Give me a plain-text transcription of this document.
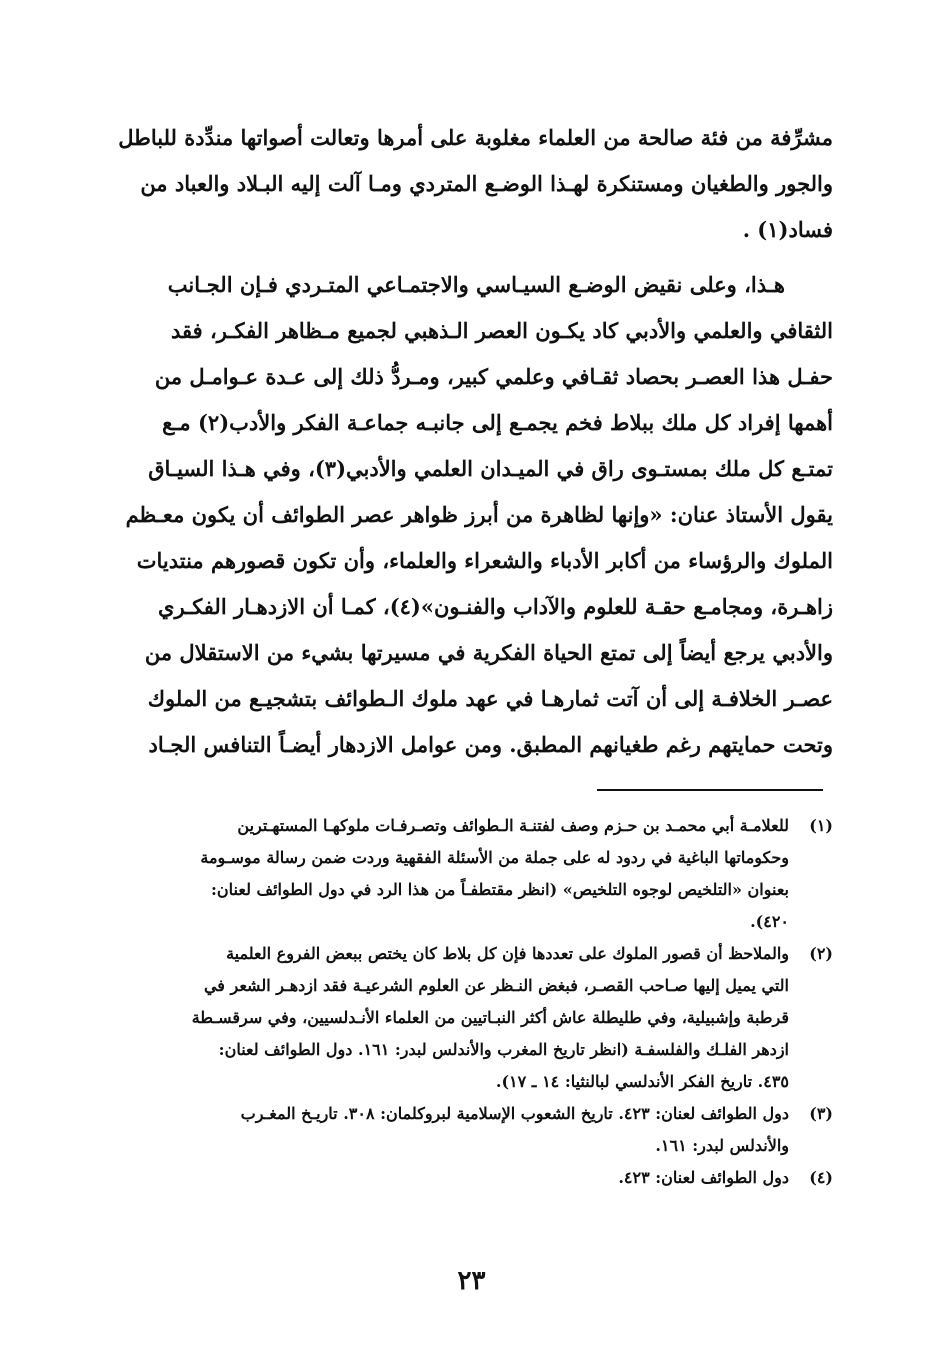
مشرِّفة من فئة صالحة من العلماء مغلوبة على أمرها وتعالت أصواتها مندِّدة للباطل
والجور والطغيان ومستنكرة لهـذا الوضـع المتردي ومـا آلت إليه البـلاد والعباد من
فساد(١) .
هـذا، وعلى نقيض الوضـع السيـاسي والاجتمـاعي المتـردي فـإن الجـانب
الثقافي والعلمي والأدبي كاد يكـون العصر الـذهبي لجميع مـظاهر الفكـر، فقد
حفـل هذا العصـر بحصاد ثقـافي وعلمي كبير، ومـردُّ ذلك إلى عـدة عـوامـل من
أهمها إفراد كل ملك ببلاط فخم يجمـع إلى جانبـه جماعـة الفكر والأدب(٢) مـع
تمتـع كل ملك بمستـوى راق في الميـدان العلمي والأدبي(٣)، وفي هـذا السيـاق
يقول الأستاذ عنان: «وإنها لظاهرة من أبرز ظواهر عصر الطوائف أن يكون معـظم
الملوك والرؤساء من أكابر الأدباء والشعراء والعلماء، وأن تكون قصورهم منتديات
زاهـرة، ومجامـع حقـة للعلوم والآداب والفنـون»(٤)، كمـا أن الازدهـار الفكـري
والأدبي يرجع أيضاً إلى تمتع الحياة الفكرية في مسيرتها بشيء من الاستقلال من
عصـر الخلافـة إلى أن آتت ثمارهـا في عهد ملوك الـطوائف بتشجيـع من الملوك
وتحت حمايتهم رغم طغيانهم المطبق. ومن عوامل الازدهار أيضـاً التنافس الجـاد
(١)
للعلامـة أبي محمـد بن حـزم وصف لفتنـة الـطوائف وتصـرفـات ملوكهـا المستهـترين
وحكوماتها الباغية في ردود له على جملة من الأسئلة الفقهية وردت ضمن رسالة موسـومة
بعنوان «التلخيص لوجوه التلخيص» (انظر مقتطفـاً من هذا الرد في دول الطوائف لعنان:
٤٢٠).
(٢)
والملاحظ أن قصور الملوك على تعددها فإن كل بلاط كان يختص ببعض الفروع العلمية
التي يميل إليها صـاحب القصـر، فبغض النـظر عن العلوم الشرعيـة فقد ازدهـر الشعر في
قرطبة وإشبيلية، وفي طليطلة عاش أكثر النبـاتيين من العلماء الأنـدلسيين، وفي سرقسـطة
ازدهر الفلـك والفلسفـة (انظر تاريخ المغرب والأندلس لبدر: ١٦١. دول الطوائف لعنان:
٤٣٥. تاريخ الفكر الأندلسي لبالنثيا: ١٤ ـ ١٧).
(٣)
دول الطوائف لعنان: ٤٢٣. تاريخ الشعوب الإسلامية لبروكلمان: ٣٠٨. تاريـخ المغـرب
والأندلس لبدر: ١٦١.
(٤)
دول الطوائف لعنان: ٤٢٣.
٢٣
